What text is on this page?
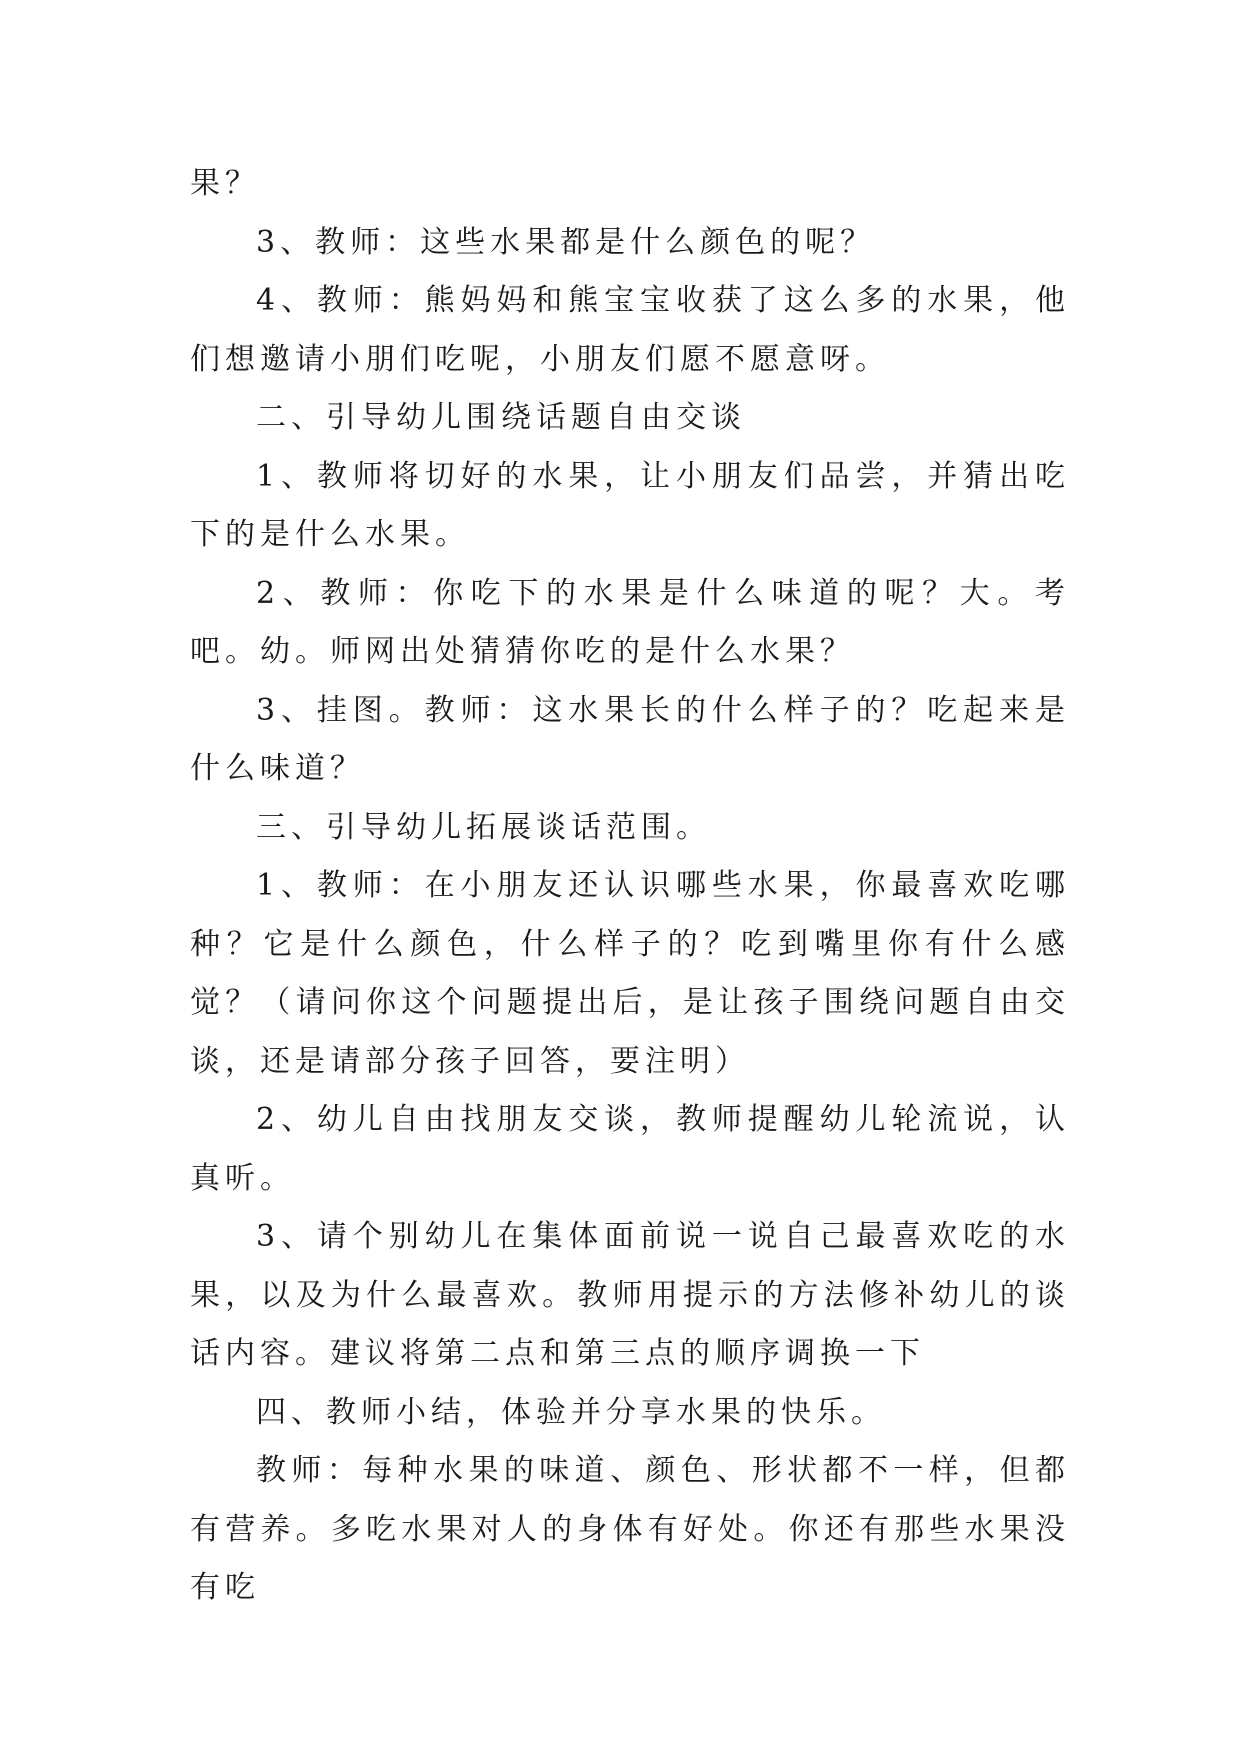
果？

3、教师：这些水果都是什么颜色的呢？

4、教师：熊妈妈和熊宝宝收获了这么多的水果，他们想邀请小朋们吃呢，小朋友们愿不愿意呀。

二、引导幼儿围绕话题自由交谈

1、教师将切好的水果，让小朋友们品尝，并猜出吃下的是什么水果。

2、教师：你吃下的水果是什么味道的呢？大。考吧。幼。师网出处猜猜你吃的是什么水果？

3、挂图。教师：这水果长的什么样子的？吃起来是什么味道？

三、引导幼儿拓展谈话范围。

1、教师：在小朋友还认识哪些水果，你最喜欢吃哪种？它是什么颜色，什么样子的？吃到嘴里你有什么感觉？（请问你这个问题提出后，是让孩子围绕问题自由交谈，还是请部分孩子回答，要注明）

2、幼儿自由找朋友交谈，教师提醒幼儿轮流说，认真听。

3、请个别幼儿在集体面前说一说自己最喜欢吃的水果，以及为什么最喜欢。教师用提示的方法修补幼儿的谈话内容。建议将第二点和第三点的顺序调换一下

四、教师小结，体验并分享水果的快乐。

教师：每种水果的味道、颜色、形状都不一样，但都有营养。多吃水果对人的身体有好处。你还有那些水果没有吃
